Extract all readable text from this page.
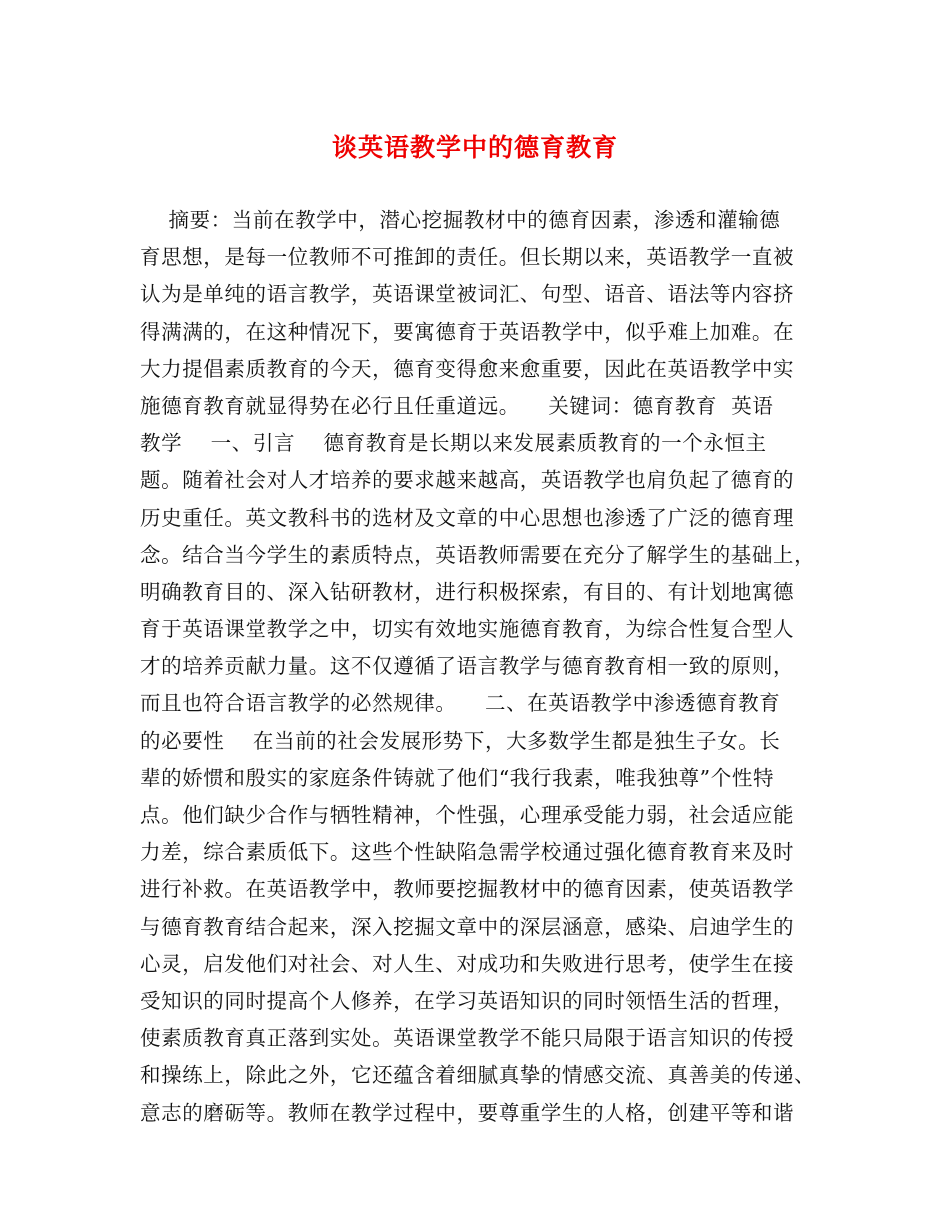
谈英语教学中的德育教育
摘要：当前在教学中，潜心挖掘教材中的德育因素，渗透和灌输德
育思想，是每一位教师不可推卸的责任。但长期以来，英语教学一直被
认为是单纯的语言教学，英语课堂被词汇、句型、语音、语法等内容挤
得满满的，在这种情况下，要寓德育于英语教学中，似乎难上加难。在
大力提倡素质教育的今天，德育变得愈来愈重要，因此在英语教学中实
施德育教育就显得势在必行且任重道远。    关键词：德育教育  英语
教学    一、引言    德育教育是长期以来发展素质教育的一个永恒主
题。随着社会对人才培养的要求越来越高，英语教学也肩负起了德育的
历史重任。英文教科书的选材及文章的中心思想也渗透了广泛的德育理
念。结合当今学生的素质特点，英语教师需要在充分了解学生的基础上，
明确教育目的、深入钻研教材，进行积极探索，有目的、有计划地寓德
育于英语课堂教学之中，切实有效地实施德育教育，为综合性复合型人
才的培养贡献力量。这不仅遵循了语言教学与德育教育相一致的原则，
而且也符合语言教学的必然规律。    二、在英语教学中渗透德育教育
的必要性    在当前的社会发展形势下，大多数学生都是独生子女。长
辈的娇惯和殷实的家庭条件铸就了他们“我行我素，唯我独尊”个性特
点。他们缺少合作与牺牲精神，个性强，心理承受能力弱，社会适应能
力差，综合素质低下。这些个性缺陷急需学校通过强化德育教育来及时
进行补救。在英语教学中，教师要挖掘教材中的德育因素，使英语教学
与德育教育结合起来，深入挖掘文章中的深层涵意，感染、启迪学生的
心灵，启发他们对社会、对人生、对成功和失败进行思考，使学生在接
受知识的同时提高个人修养，在学习英语知识的同时领悟生活的哲理，
使素质教育真正落到实处。英语课堂教学不能只局限于语言知识的传授
和操练上，除此之外，它还蕴含着细腻真挚的情感交流、真善美的传递、
意志的磨砺等。教师在教学过程中，要尊重学生的人格，创建平等和谐
